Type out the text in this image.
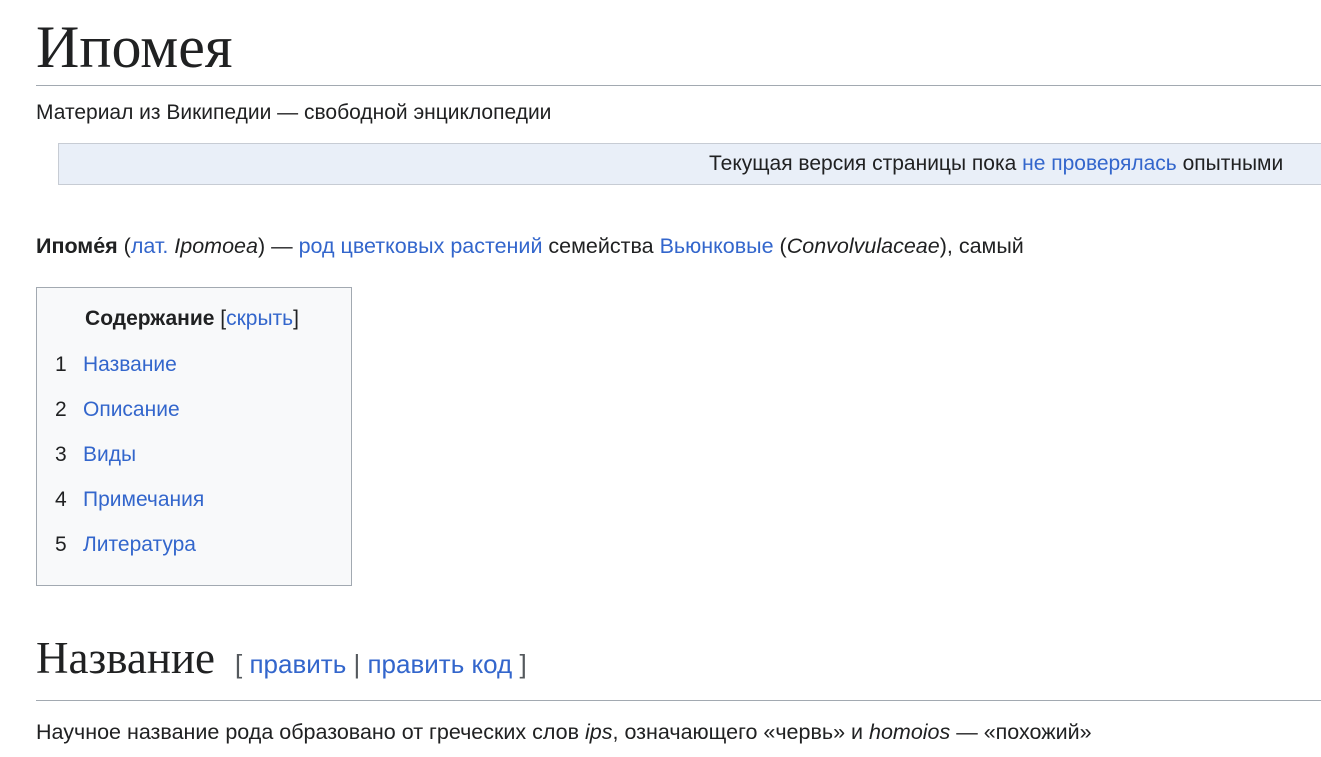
Ипомея

Материал из Википедии — свободной энциклопедии

Текущая версия страницы пока не проверялась опытными

Ипоме́я (лат. Ipomoea) — род цветковых растений семейства Вьюнковые (Convolvulaceae), самый

Содержание [скрыть]
1 Название
2 Описание
3 Виды
4 Примечания
5 Литература
Название [ править | править код ]

Научное название рода образовано от греческих слов ips, означающего «червь» и homoios — «похожий»
